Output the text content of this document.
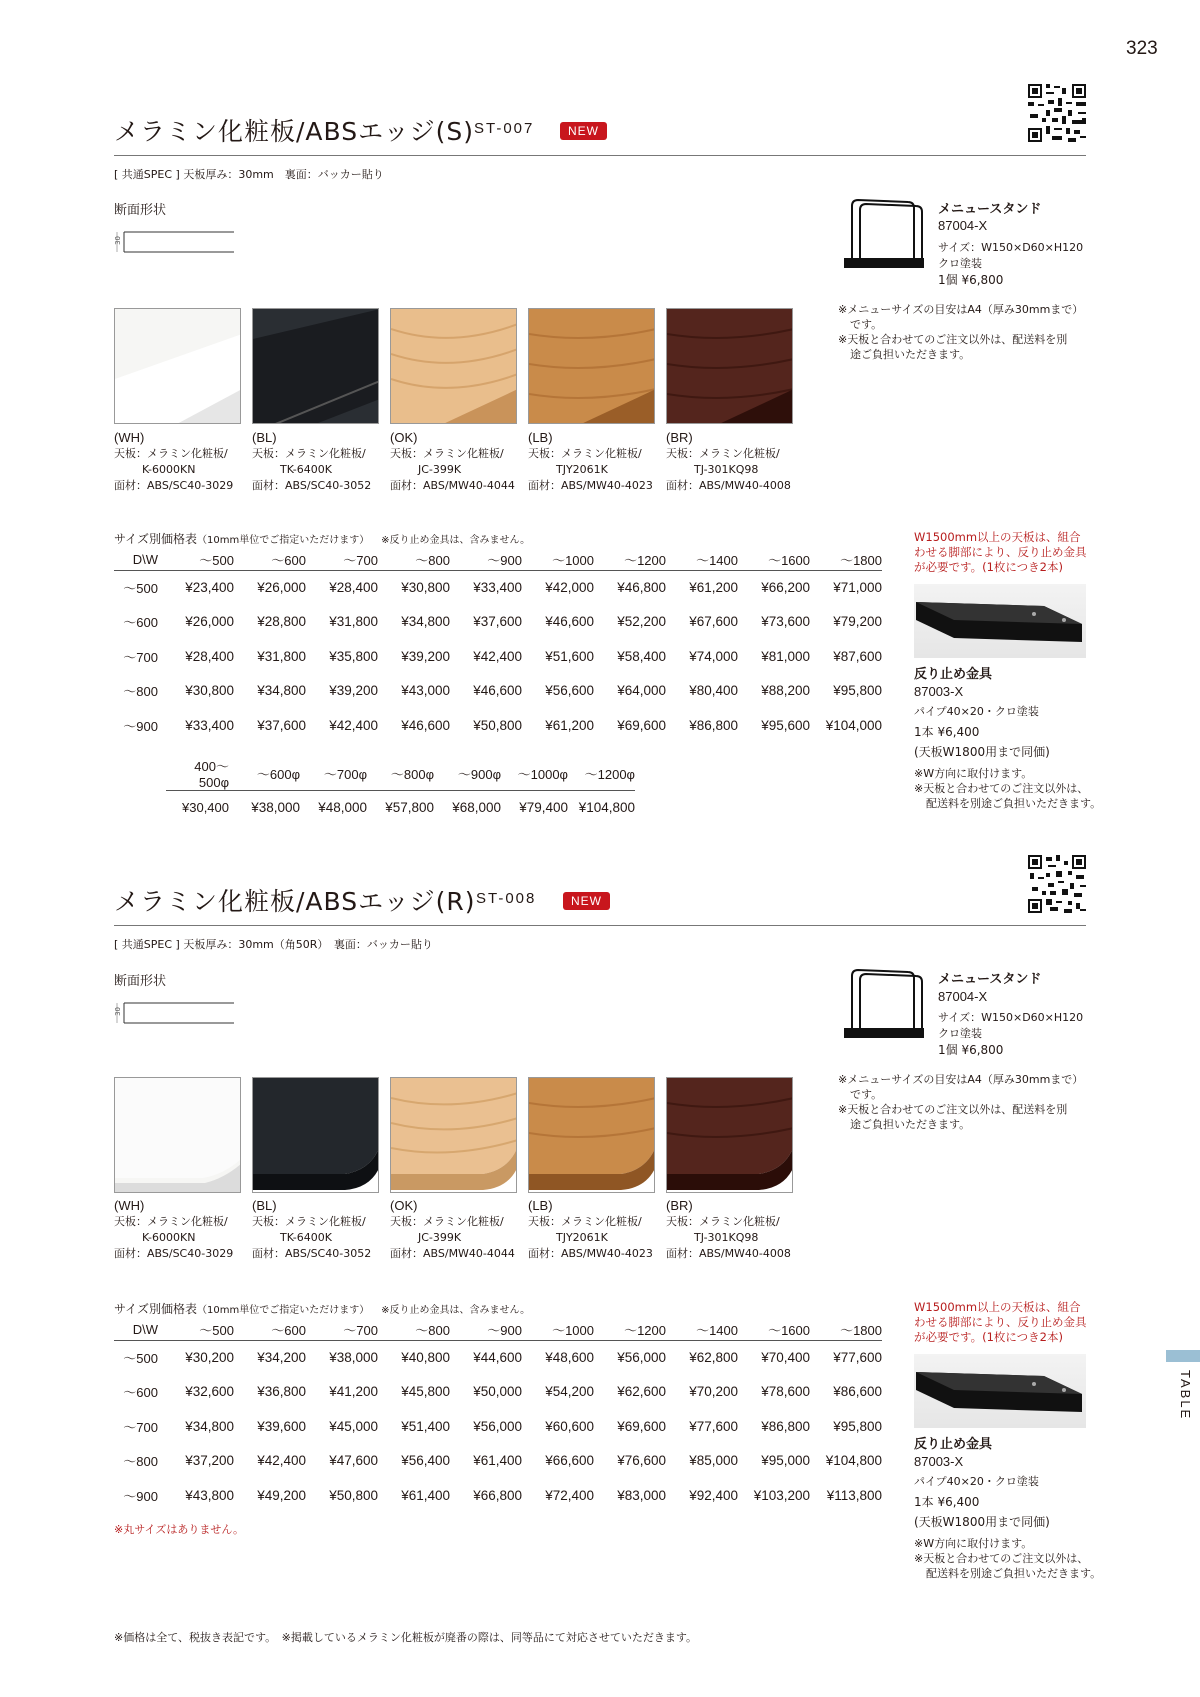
323
メラミン化粧板/ABSエッジ(S) ST-007	NEW
[ 共通SPEC ] 天板厚み：30mm　裏面：バッカー貼り
断面形状
30
(WH)
天板：メラミン化粧板/
K-6000KN
面材：ABS/SC40-3029
(BL)
天板：メラミン化粧板/
TK-6400K
面材：ABS/SC40-3052
(OK)
天板：メラミン化粧板/
JC-399K
面材：ABS/MW40-4044
(LB)
天板：メラミン化粧板/
TJY2061K
面材：ABS/MW40-4023
(BR)
天板：メラミン化粧板/
TJ-301KQ98
面材：ABS/MW40-4008
メニュースタンド
87004-X
サイズ：W150×D60×H120
クロ塗装
1個 ¥6,800
※メニューサイズの目安はA4（厚み30mmまで）
です。
※天板と合わせてのご注文以外は、配送料を別
途ご負担いただきます。
サイズ別価格表（10mm単位でご指定いただけます） ※反り止め金具は、含みません。
D\W	～500	～600	～700	～800	～900	～1000	～1200	～1400	～1600	～1800
～500	¥23,400	¥26,000	¥28,400	¥30,800	¥33,400	¥42,000	¥46,800	¥61,200	¥66,200	¥71,000
～600	¥26,000	¥28,800	¥31,800	¥34,800	¥37,600	¥46,600	¥52,200	¥67,600	¥73,600	¥79,200
～700	¥28,400	¥31,800	¥35,800	¥39,200	¥42,400	¥51,600	¥58,400	¥74,000	¥81,000	¥87,600
～800	¥30,800	¥34,800	¥39,200	¥43,000	¥46,600	¥56,600	¥64,000	¥80,400	¥88,200	¥95,800
～900	¥33,400	¥37,600	¥42,400	¥46,600	¥50,800	¥61,200	¥69,600	¥86,800	¥95,600	¥104,000
400～500φ	～600φ	～700φ	～800φ	～900φ	～1000φ	～1200φ
¥30,400	¥38,000	¥48,000	¥57,800	¥68,000	¥79,400	¥104,800
W1500mm以上の天板は、組合
わせる脚部により、反り止め金具
が必要です。(1枚につき2本)
反り止め金具
87003-X
パイプ40×20・クロ塗装
1本 ¥6,400
(天板W1800用まで同価)
※W方向に取付けます。
※天板と合わせてのご注文以外は、
配送料を別途ご負担いただきます。
メラミン化粧板/ABSエッジ(R) ST-008	NEW
[ 共通SPEC ] 天板厚み：30mm（角50R）　裏面：バッカー貼り
断面形状
30
(WH)
天板：メラミン化粧板/
K-6000KN
面材：ABS/SC40-3029
(BL)
天板：メラミン化粧板/
TK-6400K
面材：ABS/SC40-3052
(OK)
天板：メラミン化粧板/
JC-399K
面材：ABS/MW40-4044
(LB)
天板：メラミン化粧板/
TJY2061K
面材：ABS/MW40-4023
(BR)
天板：メラミン化粧板/
TJ-301KQ98
面材：ABS/MW40-4008
メニュースタンド
87004-X
サイズ：W150×D60×H120
クロ塗装
1個 ¥6,800
※メニューサイズの目安はA4（厚み30mmまで）
です。
※天板と合わせてのご注文以外は、配送料を別
途ご負担いただきます。
サイズ別価格表（10mm単位でご指定いただけます） ※反り止め金具は、含みません。
D\W	～500	～600	～700	～800	～900	～1000	～1200	～1400	～1600	～1800
～500	¥30,200	¥34,200	¥38,000	¥40,800	¥44,600	¥48,600	¥56,000	¥62,800	¥70,400	¥77,600
～600	¥32,600	¥36,800	¥41,200	¥45,800	¥50,000	¥54,200	¥62,600	¥70,200	¥78,600	¥86,600
～700	¥34,800	¥39,600	¥45,000	¥51,400	¥56,000	¥60,600	¥69,600	¥77,600	¥86,800	¥95,800
～800	¥37,200	¥42,400	¥47,600	¥56,400	¥61,400	¥66,600	¥76,600	¥85,000	¥95,000	¥104,800
～900	¥43,800	¥49,200	¥50,800	¥61,400	¥66,800	¥72,400	¥83,000	¥92,400	¥103,200	¥113,800
※丸サイズはありません。
W1500mm以上の天板は、組合
わせる脚部により、反り止め金具
が必要です。(1枚につき2本)
反り止め金具
87003-X
パイプ40×20・クロ塗装
1本 ¥6,400
(天板W1800用まで同価)
※W方向に取付けます。
※天板と合わせてのご注文以外は、
配送料を別途ご負担いただきます。
TABLE
※価格は全て、税抜き表記です。　※掲載しているメラミン化粧板が廃番の際は、同等品にて対応させていただきます。
